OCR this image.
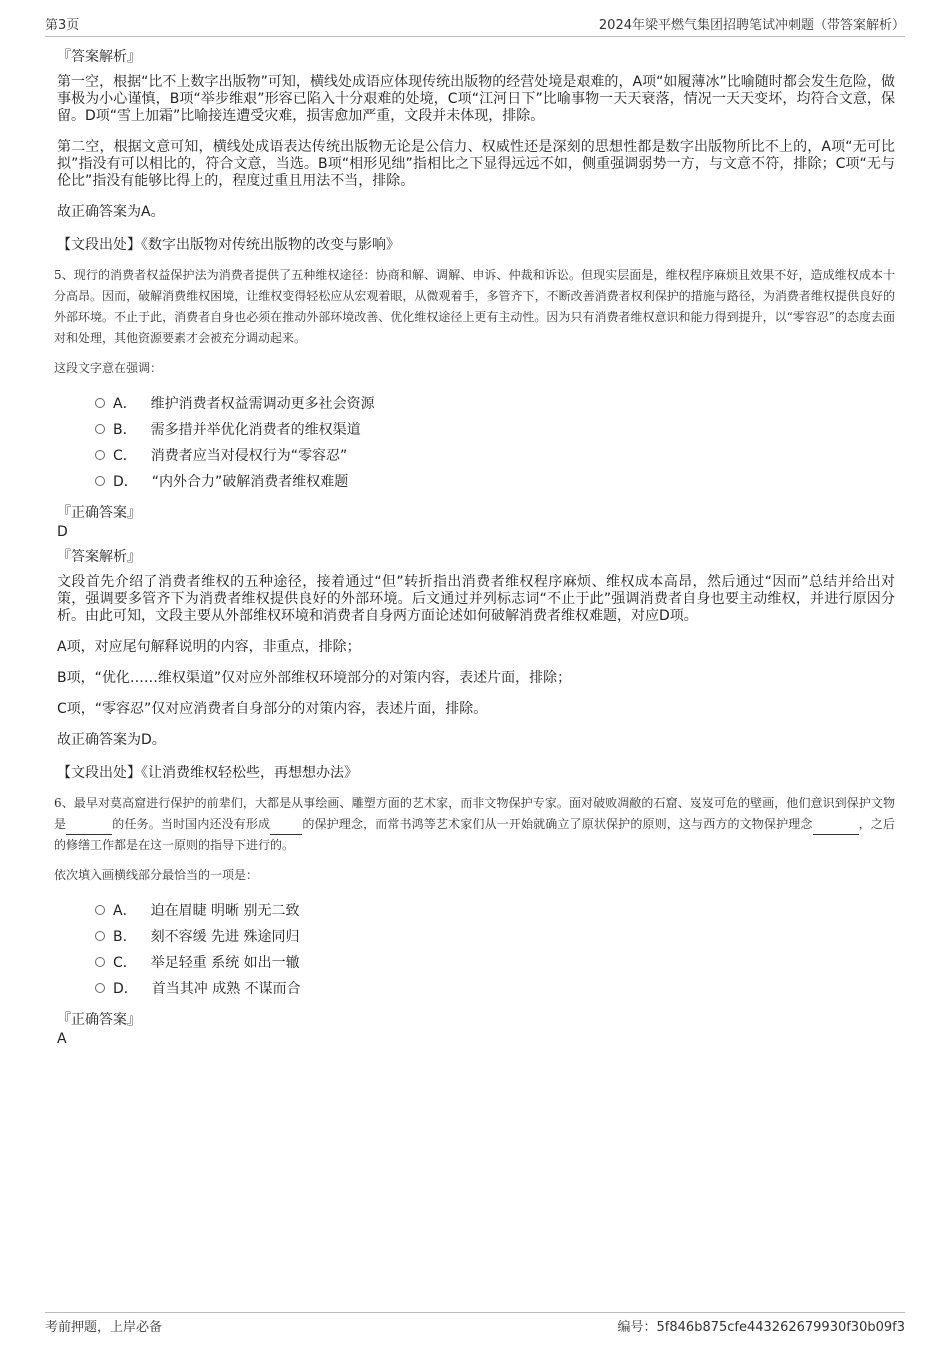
第3页	2024年梁平燃气集团招聘笔试冲刺题（带答案解析）
『答案解析』

第一空，根据“比不上数字出版物”可知，横线处成语应体现传统出版物的经营处境是艰难的，A项“如履薄冰”比喻随时都会发生危险，做事极为小心谨慎，B项“举步维艰”形容已陷入十分艰难的处境，C项“江河日下”比喻事物一天天衰落，情况一天天变坏，均符合文意，保留。D项“雪上加霜”比喻接连遭受灾难，损害愈加严重，文段并未体现，排除。

第二空，根据文意可知，横线处成语表达传统出版物无论是公信力、权威性还是深刻的思想性都是数字出版物所比不上的，A项“无可比拟”指没有可以相比的，符合文意，当选。B项“相形见绌”指相比之下显得远远不如，侧重强调弱势一方，与文意不符，排除；C项“无与伦比”指没有能够比得上的，程度过重且用法不当，排除。

故正确答案为A。

【文段出处】《数字出版物对传统出版物的改变与影响》

5、现行的消费者权益保护法为消费者提供了五种维权途径：协商和解、调解、申诉、仲裁和诉讼。但现实层面是，维权程序麻烦且效果不好，造成维权成本十分高昂。因而，破解消费维权困境，让维权变得轻松应从宏观着眼，从微观着手，多管齐下，不断改善消费者权利保护的措施与路径，为消费者维权提供良好的外部环境。不止于此，消费者自身也必须在推动外部环境改善、优化维权途径上更有主动性。因为只有消费者维权意识和能力得到提升，以“零容忍”的态度去面对和处理，其他资源要素才会被充分调动起来。

这段文字意在强调：
A． 维护消费者权益需调动更多社会资源
B． 需多措并举优化消费者的维权渠道
C． 消费者应当对侵权行为“零容忍”
D． “内外合力”破解消费者维权难题
『正确答案』
D
『答案解析』

文段首先介绍了消费者维权的五种途径，接着通过“但”转折指出消费者维权程序麻烦、维权成本高昂，然后通过“因而”总结并给出对策，强调要多管齐下为消费者维权提供良好的外部环境。后文通过并列标志词“不止于此”强调消费者自身也要主动维权，并进行原因分析。由此可知，文段主要从外部维权环境和消费者自身两方面论述如何破解消费者维权难题，对应D项。

A项，对应尾句解释说明的内容，非重点，排除；

B项，“优化……维权渠道”仅对应外部维权环境部分的对策内容，表述片面，排除；

C项，“零容忍”仅对应消费者自身部分的对策内容，表述片面，排除。

故正确答案为D。

【文段出处】《让消费维权轻松些，再想想办法》

6、最早对莫高窟进行保护的前辈们，大都是从事绘画、雕塑方面的艺术家，而非文物保护专家。面对破败凋敝的石窟、岌岌可危的壁画，他们意识到保护文物是	的任务。当时国内还没有形成	的保护理念，而常书鸿等艺术家们从一开始就确立了原状保护的原则，这与西方的文物保护理念	，之后的修缮工作都是在这一原则的指导下进行的。

依次填入画横线部分最恰当的一项是：
A． 迫在眉睫 明晰 别无二致
B． 刻不容缓 先进 殊途同归
C． 举足轻重 系统 如出一辙
D． 首当其冲 成熟 不谋而合
『正确答案』
A
考前押题，上岸必备	编号：5f846b875cfe443262679930f30b09f3
